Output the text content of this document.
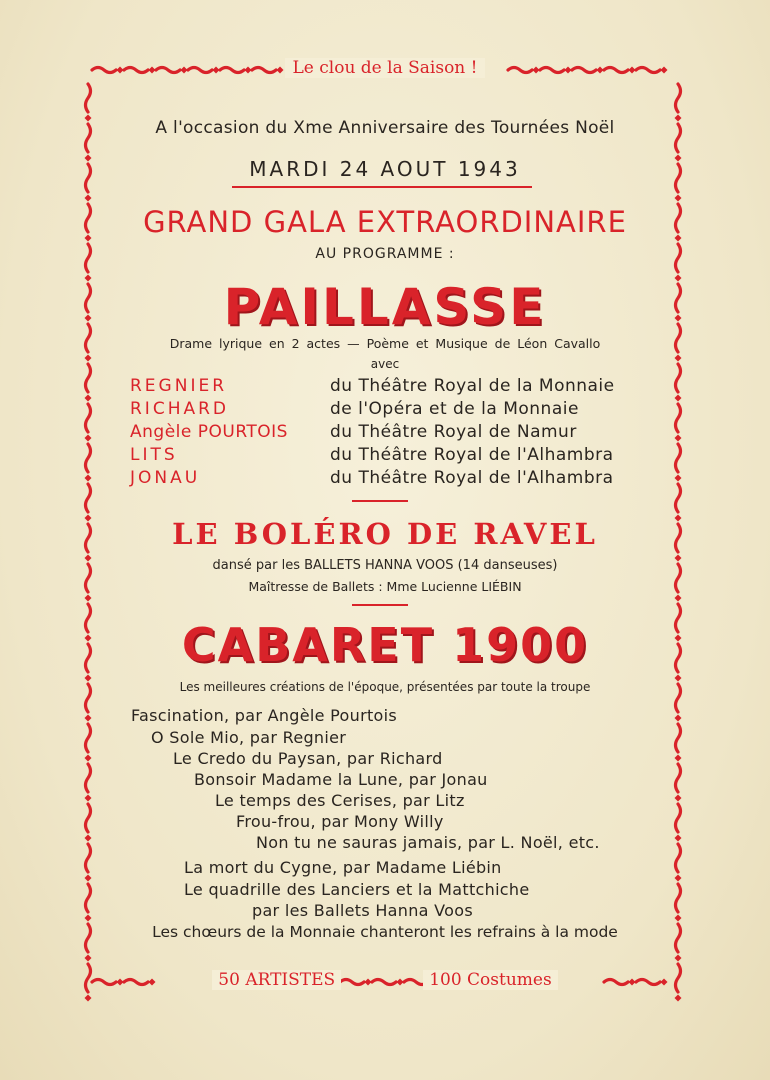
Le clou de la Saison !
A l'occasion du Xme Anniversaire des Tournées Noël
MARDI 24 AOUT 1943
GRAND GALA EXTRAORDINAIRE
AU PROGRAMME :
PAILLASSE
Drame lyrique en 2 actes — Poème et Musique de Léon Cavallo
avec
REGNIER	du Théâtre Royal de la Monnaie
RICHARD	de l'Opéra et de la Monnaie
Angèle POURTOIS du Théâtre Royal de Namur
LITS	du Théâtre Royal de l'Alhambra
JONAU	du Théâtre Royal de l'Alhambra
LE BOLÉRO DE RAVEL
dansé par les BALLETS HANNA VOOS (14 danseuses)
Maîtresse de Ballets : Mme Lucienne LIÉBIN
CABARET 1900
Les meilleures créations de l'époque, présentées par toute la troupe
Fascination, par Angèle Pourtois
O Sole Mio, par Regnier
Le Credo du Paysan, par Richard
Bonsoir Madame la Lune, par Jonau
Le temps des Cerises, par Litz
Frou-frou, par Mony Willy
Non tu ne sauras jamais, par L. Noël, etc.
La mort du Cygne, par Madame Liébin
Le quadrille des Lanciers et la Mattchiche
par les Ballets Hanna Voos
Les chœurs de la Monnaie chanteront les refrains à la mode
50 ARTISTES	100 Costumes
